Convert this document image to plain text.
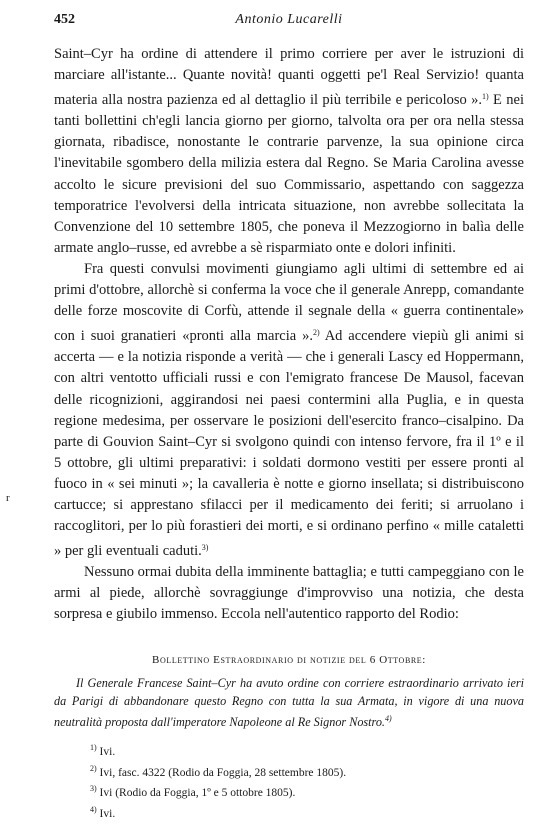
452	Antonio Lucarelli
r

Saint–Cyr ha ordine di attendere il primo corriere per aver le istruzioni di marciare all'istante... Quante novità! quanti oggetti pe'l Real Servizio! quanta materia alla nostra pazienza ed al dettaglio il più terribile e pericoloso ».$^{1)}$ E nei tanti bollettini ch'egli lancia giorno per giorno, talvolta ora per ora nella stessa giornata, ribadisce, nonostante le contrarie parvenze, la sua opinione circa l'inevitabile sgombero della milizia estera dal Regno. Se Maria Carolina avesse accolto le sicure previsioni del suo Commissario, aspettando con saggezza temporatrice l'evolversi della intricata situazione, non avrebbe sollecitata la Convenzione del 10 settembre 1805, che poneva il Mezzogiorno in balìa delle armate anglo–russe, ed avrebbe a sè risparmiato onte e dolori infiniti.

Fra questi convulsi movimenti giungiamo agli ultimi di settembre ed ai primi d'ottobre, allorchè si conferma la voce che il generale Anrepp, comandante delle forze moscovite di Corfù, attende il segnale della « guerra continentale» con i suoi granatieri «pronti alla marcia ».$^{2)}$ Ad accendere viepiù gli animi si accerta — e la notizia risponde a verità — che i generali Lascy ed Hoppermann, con altri ventotto ufficiali russi e con l'emigrato francese De Mausol, facevan delle ricognizioni, aggirandosi nei paesi contermini alla Puglia, e in questa regione medesima, per osservare le posizioni dell'esercito franco–cisalpino. Da parte di Gouvion Saint–Cyr si svolgono quindi con intenso fervore, fra il 1º e il 5 ottobre, gli ultimi preparativi: i soldati dormono vestiti per essere pronti al fuoco in « sei minuti »; la cavalleria è notte e giorno insellata; si distribuiscono cartucce; si apprestano sfilacci per il medicamento dei feriti; si arruolano i raccoglitori, per lo più forastieri dei morti, e si ordinano perfino « mille cataletti » per gli eventuali caduti.$^{3)}$

Nessuno ormai dubita della imminente battaglia; e tutti campeggiano con le armi al piede, allorchè sovraggiunge d'improvviso una notizia, che desta sorpresa e giubilo immenso. Eccola nell'autentico rapporto del Rodio:

Bollettino Estraordinario di notizie del 6 Ottobre:

Il Generale Francese Saint–Cyr ha avuto ordine con corriere estraordinario arrivato ieri da Parigi di abbandonare questo Regno con tutta la sua Armata, in vigore di una nuova neutralità proposta dall'imperatore Napoleone al Re Signor Nostro.$^{4)}$

$^{1)}$ Ivi.
$^{2)}$ Ivi, fasc. 4322 (Rodio da Foggia, 28 settembre 1805).
$^{3)}$ Ivi (Rodio da Foggia, 1º e 5 ottobre 1805).
$^{4)}$ Ivi.
